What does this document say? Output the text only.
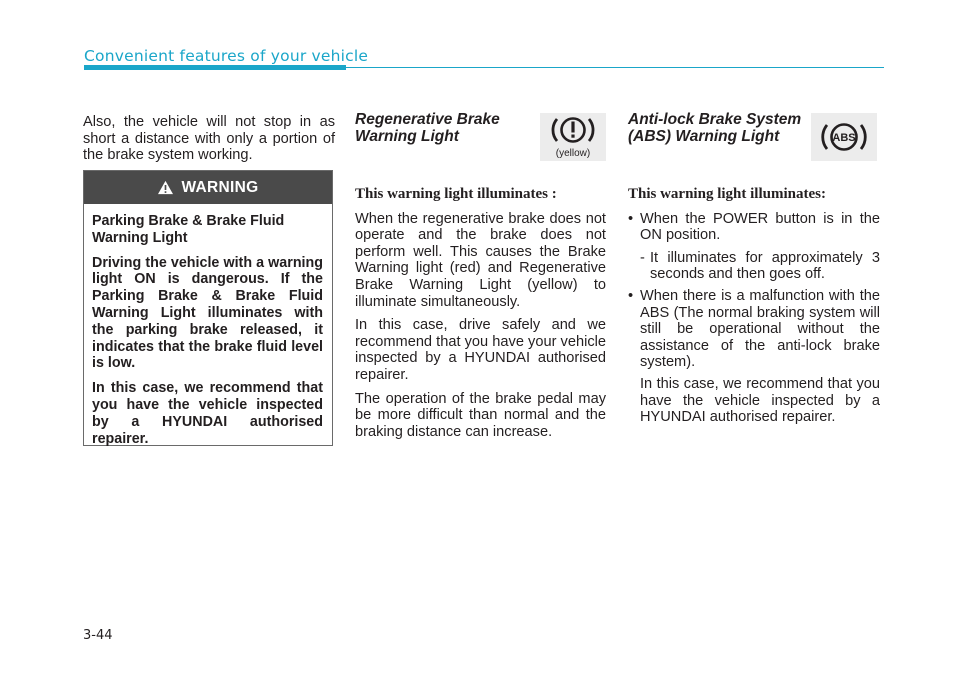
Convenient features of your vehicle

Also, the vehicle will not stop in as short a distance with only a portion of the brake system working.

WARNING

Parking Brake & Brake Fluid Warning Light

Driving the vehicle with a warning light ON is dangerous. If the Parking Brake & Brake Fluid Warning Light illuminates with the parking brake released, it indicates that the brake fluid level is low.

In this case, we recommend that you have the vehicle inspected by a HYUNDAI authorised repairer.

Regenerative Brake Warning Light
(yellow)
This warning light illuminates :

When the regenerative brake does not operate and the brake does not perform well. This causes the Brake Warning light (red) and Regenerative Brake Warning Light (yellow) to illuminate simultaneously.

In this case, drive safely and we recommend that you have your vehicle inspected by a HYUNDAI authorised repairer.

The operation of the brake pedal may be more difficult than normal and the braking distance can increase.

Anti-lock Brake System (ABS) Warning Light	ABS
This warning light illuminates:
• When the POWER button is in the ON position.
- It illuminates for approximately 3 seconds and then goes off.
• When there is a malfunction with the ABS (The normal braking system will still be operational without the assistance of the anti-lock brake system).

In this case, we recommend that you have the vehicle inspected by a HYUNDAI authorised repairer.

3-44
